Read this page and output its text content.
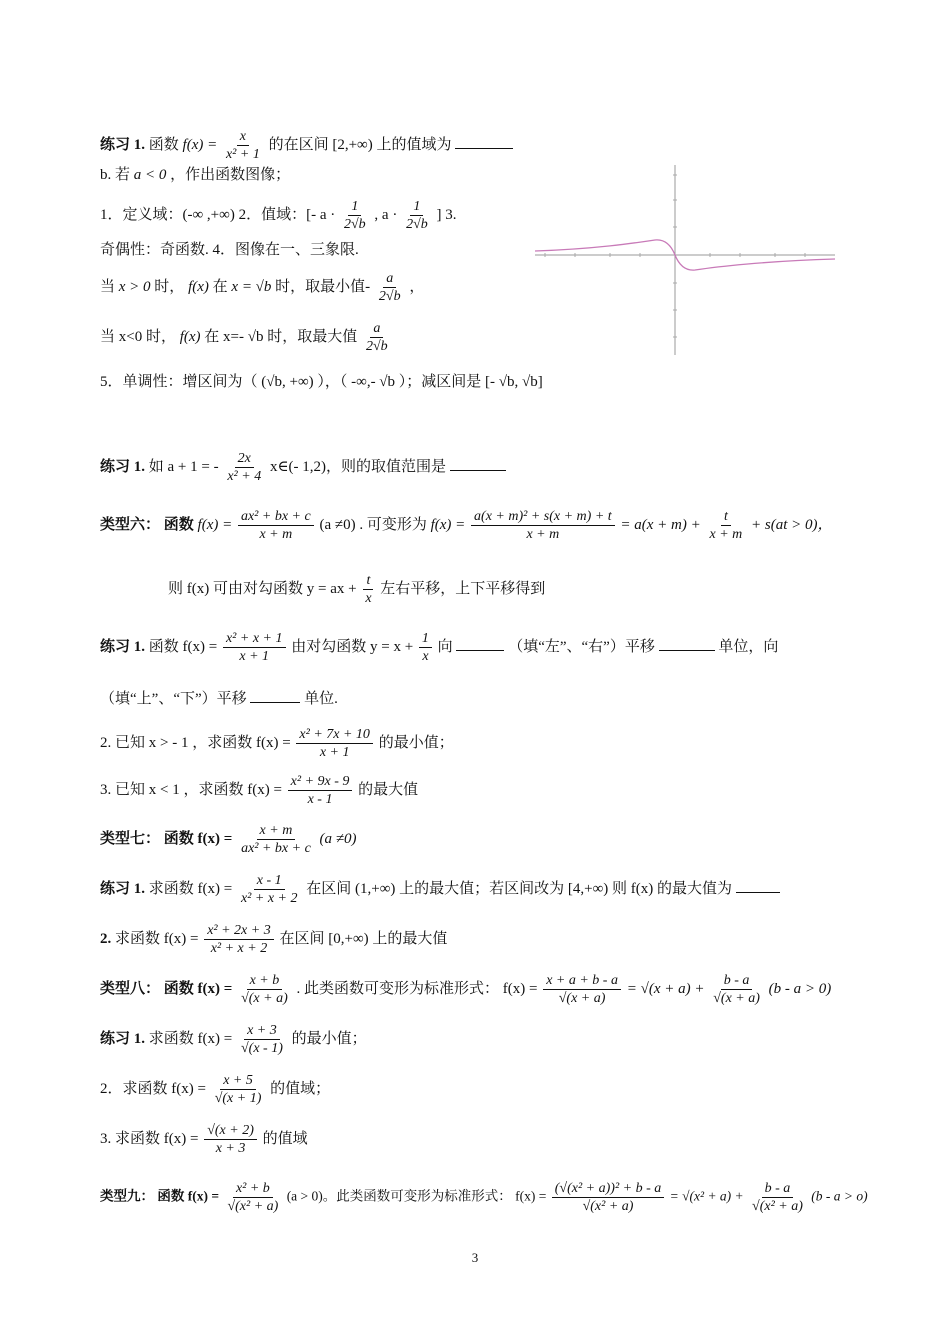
练习 1. 函数 $f(x) = \frac{x}{\text{x² + 1}}$ 的在区间 [2,+∞) 上的值域为
b. 若 a < 0 ，作出函数图像；
1．定义域：(-∞ ,+∞) 2．值域：[- $a \cdot \frac{1}{2√b}$ , $a \cdot \frac{1}{2√b}$ ] 3.
奇偶性：奇函数. 4．图像在一、三象限.
当 x > 0 时， f(x) 在 x = √b 时，取最小值- $\frac{a}{2√b}$ ，
当 x<0 时， f(x) 在 x=- √b 时，取最大值 $\frac{a}{2√b}$
5．单调性：增区间为（ (√b, +∞) ），（ -∞,- √b ）；减区间是 [- √b, √b]
练习 1. 如 a + 1 = - $\frac{2x}{\text{x² + 4}}$ x∈(- 1,2)，则的取值范围是
类型六： 函数 $f(x) = \frac{\text{ax² + bx + c}}{x + m} (a \ne 0)$ . 可变形为 $f(x) = \frac{\text{a(x + m)² + s(x + m) + t}}{x + m} = a(x + m) + \frac{t}{x + m} + s(at > 0)$，
则 f(x) 可由对勾函数 y = ax + $\frac{t}{x}$ 左右平移，上下平移得到
练习 1. 函数 $f(x) = \frac{\text{x² + x + 1}}{x + 1}$ 由对勾函数 $y = x + \frac{1}{x}$ 向	（填“左”、“右”）平移	单位，向
（填“上”、“下”）平移	单位.
2. 已知 x > - 1 ，求函数 $f(x) = \frac{\text{x² + 7x + 10}}{x + 1}$ 的最小值；
3. 已知 x < 1 ，求函数 $f(x) = \frac{\text{x² + 9x - 9}}{x - 1}$ 的最大值
类型七： 函数 $f(x) = \frac{x + m}{\text{ax² + bx + c}} (a \ne 0)$
练习 1. 求函数 $f(x) = \frac{x - 1}{\text{x² + x + 2}}$ 在区间 (1,+∞) 上的最大值；若区间改为 [4,+∞) 则 f(x) 的最大值为
2. 求函数 $f(x) = \frac{\text{x² + 2x + 3}}{\text{x² + x + 2}}$ 在区间 [0,+∞) 上的最大值
类型八： 函数 $f(x) = \frac{x + b}{√(x + a)}$ . 此类函数可变形为标准形式： $f(x) = \frac{x + a + b - a}{√(x + a)} = √(x + a) + \frac{b - a}{√(x + a)} (b - a > 0)$
练习 1. 求函数 $f(x) = \frac{x + 3}{√(x - 1)}$ 的最小值；
2．求函数 $f(x) = \frac{x + 5}{√(x + 1)}$ 的值域；
3. 求函数 $f(x) = \frac{√(x + 2)}{x + 3}$ 的值域
类型九： 函数 $f(x) = \frac{\text{x² + b}}{\text{√(x² + a)}} (a > 0)$。此类函数可变形为标准形式： $f(x) = \frac{\text{(√(x² + a))² + b - a}}{\text{√(x² + a)}} = √(x^2 + a) + \frac{b - a}{\text{√(x² + a)}} (b - a > o)$
3
